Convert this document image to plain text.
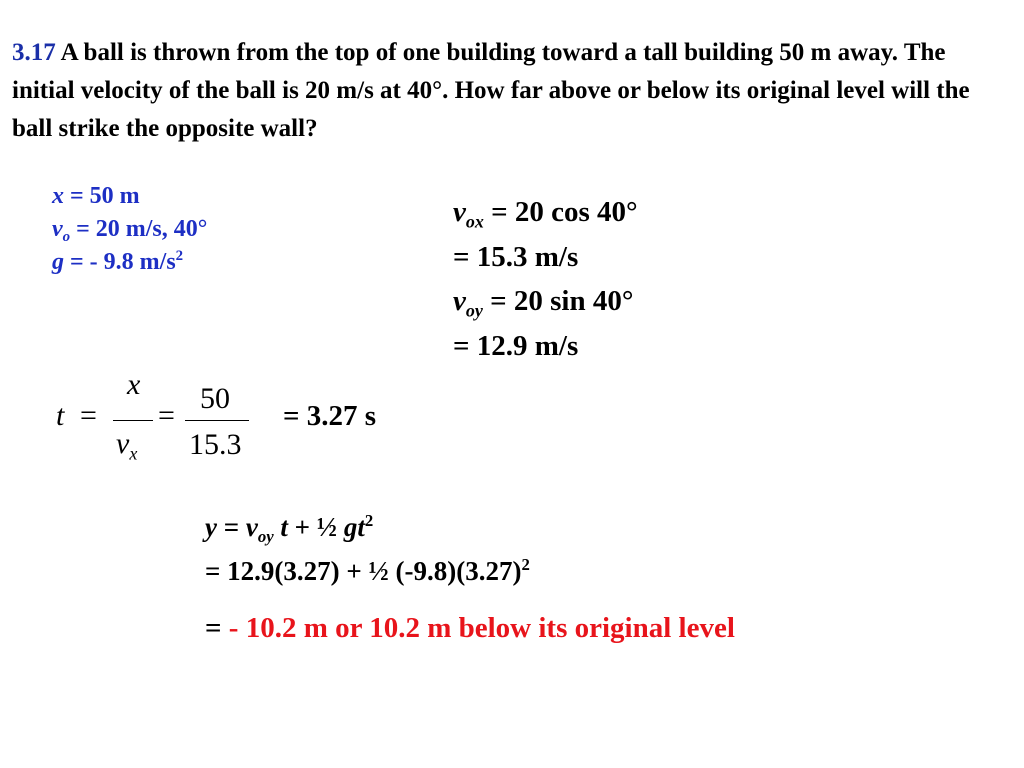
3.17 A ball is thrown from the top of one building toward a tall building 50 m away. The initial velocity of the ball is 20 m/s at 40°. How far above or below its original level will the ball strike the opposite wall?
x = 50 m
$v_o = 20$ m/s, 40°
g = - 9.8 $m/s^2$
$v_{ox} = 20$ cos 40°
= 15.3 m/s
$v_{oy} = 20$ sin 40°
= 12.9 m/s
t =
x
$v_x$
=
50
15.3
= 3.27 s
$y = v_{oy}$ t + ½ $gt^2$
= 12.9(3.27) + ½ $(-9.8)(3.27)^2$
= - 10.2 m or 10.2 m below its original level
